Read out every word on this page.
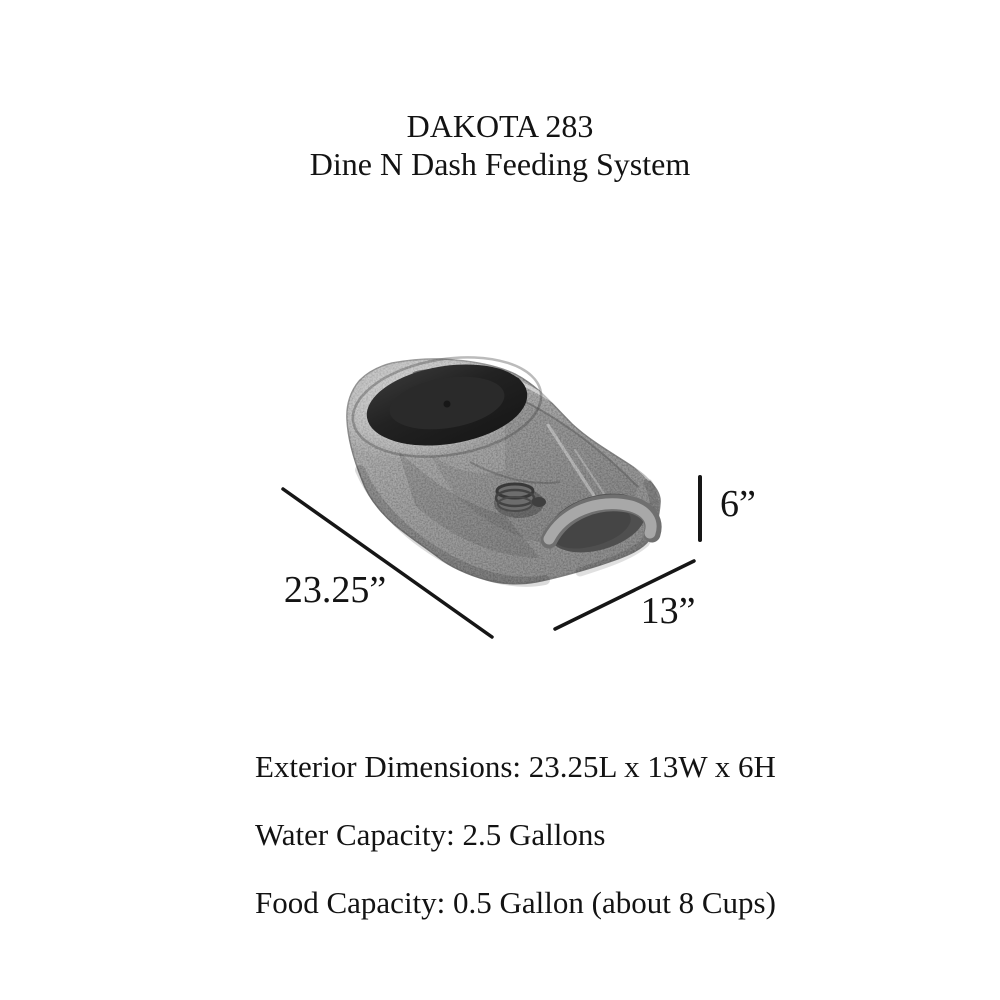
DAKOTA 283
Dine N Dash Feeding System
23.25”	13”
6”

Exterior Dimensions: 23.25L x 13W x 6H

Water Capacity: 2.5 Gallons

Food Capacity: 0.5 Gallon (about 8 Cups)
